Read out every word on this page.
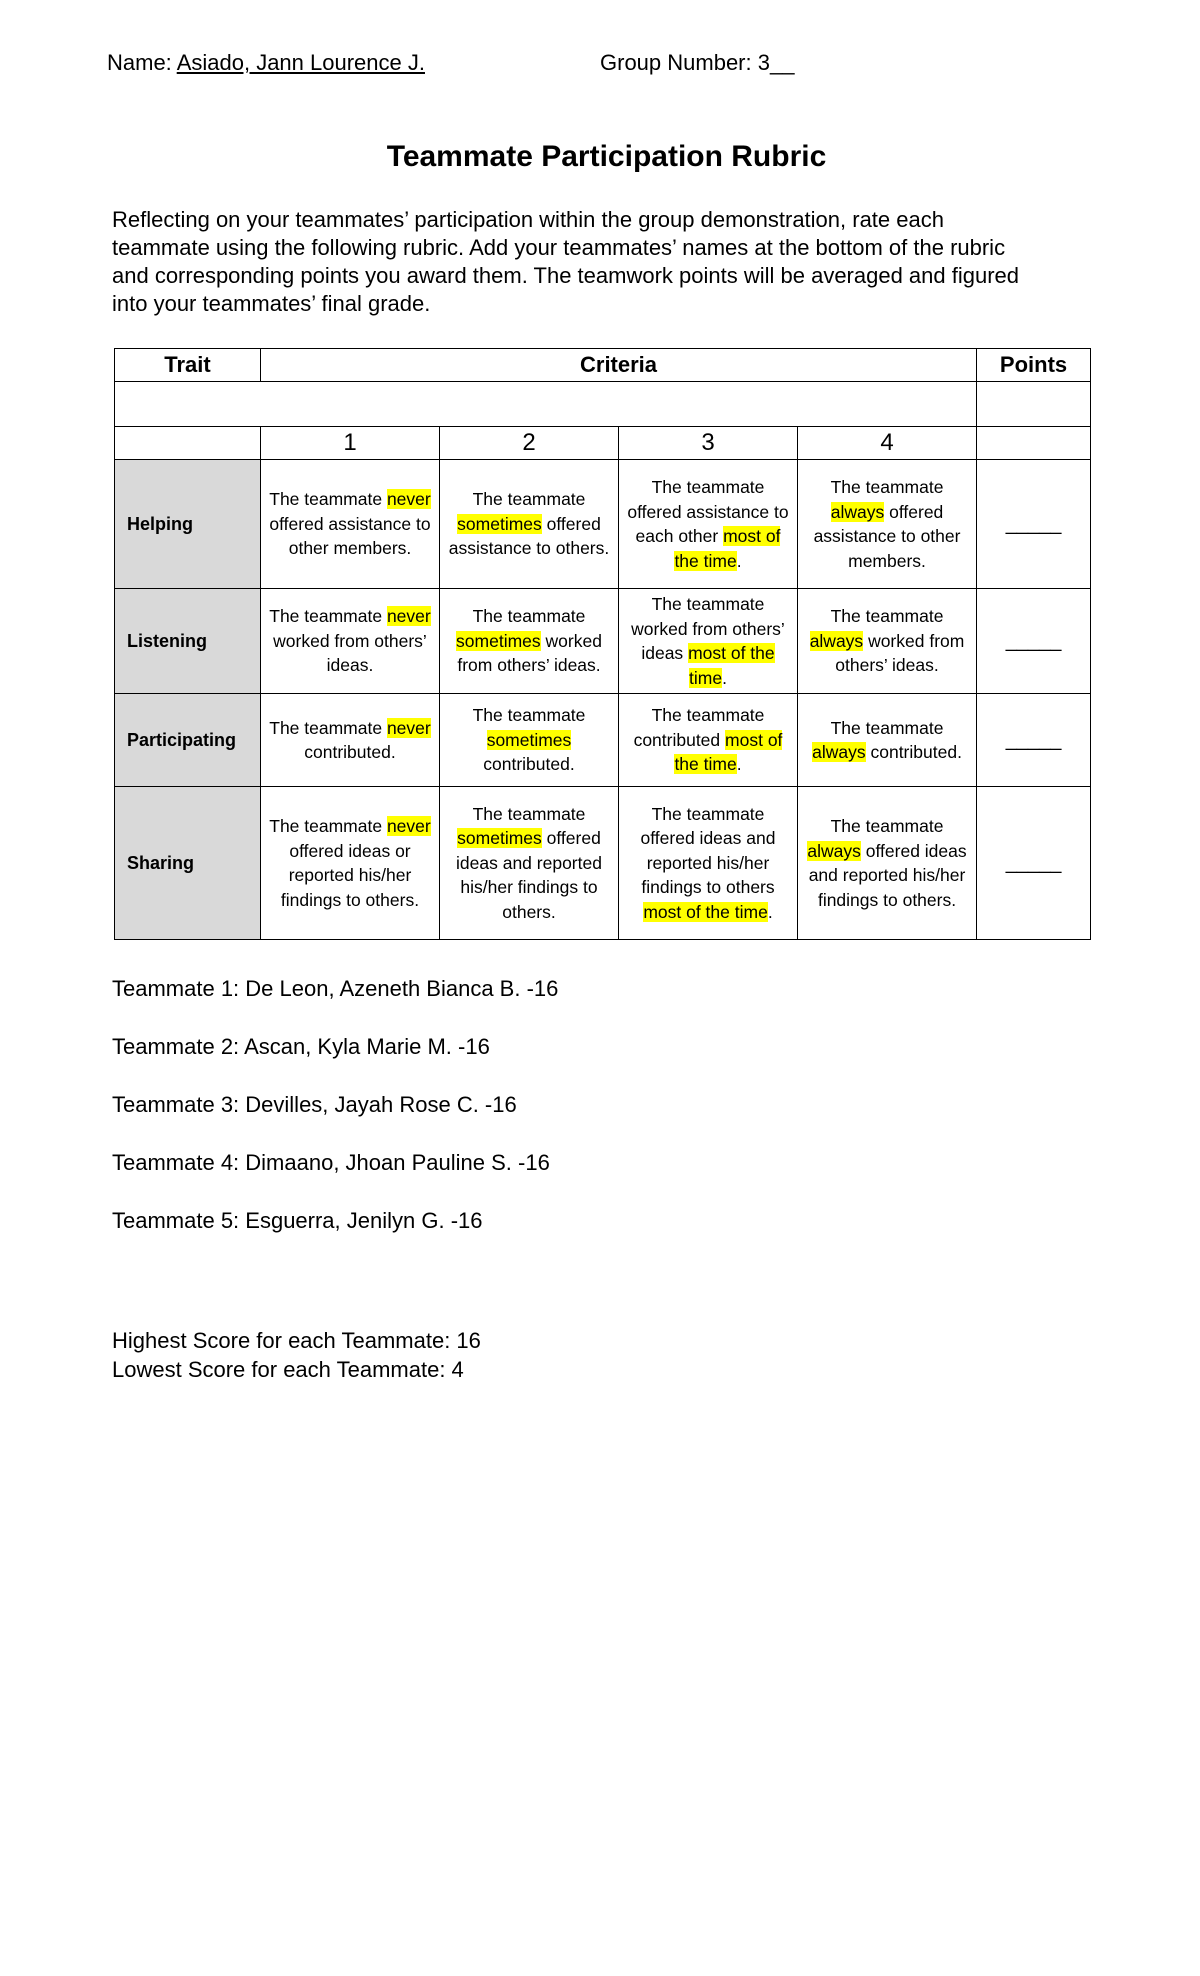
Name: Asiado, Jann Lourence J.	Group Number: 3__
Teammate Participation Rubric
Reflecting on your teammates’ participation within the group demonstration, rate each
teammate using the following rubric. Add your teammates’ names at the bottom of the rubric
and corresponding points you award them. The teamwork points will be averaged and figured
into your teammates’ final grade.
Trait	Criteria				Points

	1	2	3	4	
Helping	The teammate never offered assistance to other members.	The teammate sometimes offered assistance to others.	The teammate offered assistance to each other most of the time.	The teammate always offered assistance to other members.	_____
Listening	The teammate never worked from others’ ideas.	The teammate sometimes worked from others’ ideas.	The teammate worked from others’ ideas most of the time.	The teammate always worked from others’ ideas.	_____
Participating	The teammate never contributed.	The teammate sometimes contributed.	The teammate contributed most of the time.	The teammate always contributed.	_____
Sharing	The teammate never offered ideas or reported his/her findings to others.	The teammate sometimes offered ideas and reported his/her findings to others.	The teammate offered ideas and reported his/her findings to others most of the time.	The teammate always offered ideas and reported his/her findings to others.	_____
Teammate 1: De Leon, Azeneth Bianca B. -16
Teammate 2: Ascan, Kyla Marie M. -16
Teammate 3: Devilles, Jayah Rose C. -16
Teammate 4: Dimaano, Jhoan Pauline S. -16
Teammate 5: Esguerra, Jenilyn G. -16
Highest Score for each Teammate: 16
Lowest Score for each Teammate: 4
